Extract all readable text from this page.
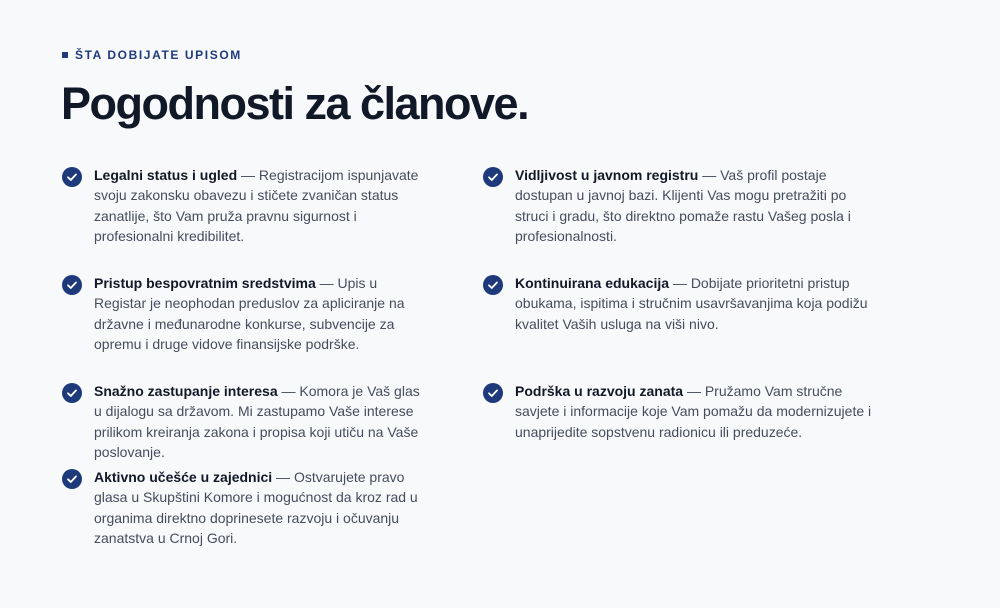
ŠTA DOBIJATE UPISOM
Pogodnosti za članove.
Legalni status i ugled — Registracijom ispunjavate svoju zakonsku obavezu i stičete zvaničan status zanatlije, što Vam pruža pravnu sigurnost i profesionalni kredibilitet.
Vidljivost u javnom registru — Vaš profil postaje dostupan u javnoj bazi. Klijenti Vas mogu pretražiti po struci i gradu, što direktno pomaže rastu Vašeg posla i profesionalnosti.
Pristup bespovratnim sredstvima — Upis u Registar je neophodan preduslov za apliciranje na državne i međunarodne konkurse, subvencije za opremu i druge vidove finansijske podrške.
Kontinuirana edukacija — Dobijate prioritetni pristup obukama, ispitima i stručnim usavršavanjima koja podižu kvalitet Vaših usluga na viši nivo.
Snažno zastupanje interesa — Komora je Vaš glas u dijalogu sa državom. Mi zastupamo Vaše interese prilikom kreiranja zakona i propisa koji utiču na Vaše poslovanje.
Podrška u razvoju zanata — Pružamo Vam stručne savjete i informacije koje Vam pomažu da modernizujete i unaprijedite sopstvenu radionicu ili preduzeće.
Aktivno učešće u zajednici — Ostvarujete pravo glasa u Skupštini Komore i mogućnost da kroz rad u organima direktno doprinesete razvoju i očuvanju zanatstva u Crnoj Gori.
